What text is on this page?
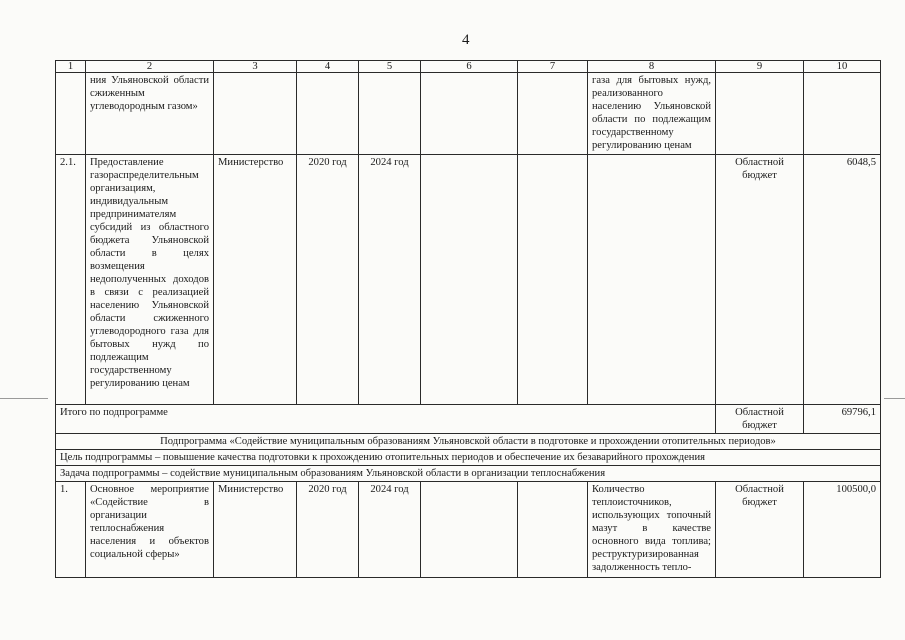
4
1	2	3	4	5	6	7	8	9	10
	ния Ульяновской области сжиженным углеводородным газом»						газа для бытовых нужд, реализованного населению Ульяновской области по подлежащим государственному регулированию ценам		
2.1.	Предоставление газораспределительным организациям, индивидуальным предпринимателям субсидий из областного бюджета Ульяновской области в целях возмещения недополученных доходов в связи с реализацией населению Ульяновской области сжиженного углеводородного газа для бытовых нужд по подлежащим государственному регулированию ценам	Министерство	2020 год	2024 год				Областной бюджет	6048,5
Итого по подпрограмме								Областной бюджет	69796,1
Подпрограмма «Содействие муниципальным образованиям Ульяновской области в подготовке и прохождении отопительных периодов»									
Цель подпрограммы – повышение качества подготовки к прохождению отопительных периодов и обеспечение их безаварийного прохождения									
Задача подпрограммы – содействие муниципальным образованиям Ульяновской области в организации теплоснабжения									
1.	Основное мероприятие «Содействие в организации теплоснабжения населения и объектов социальной сферы»	Министерство	2020 год	2024 год			Количество теплоисточников, использующих топочный мазут в качестве основного вида топлива; реструктуризированная задолженность тепло-	Областной бюджет	100500,0
